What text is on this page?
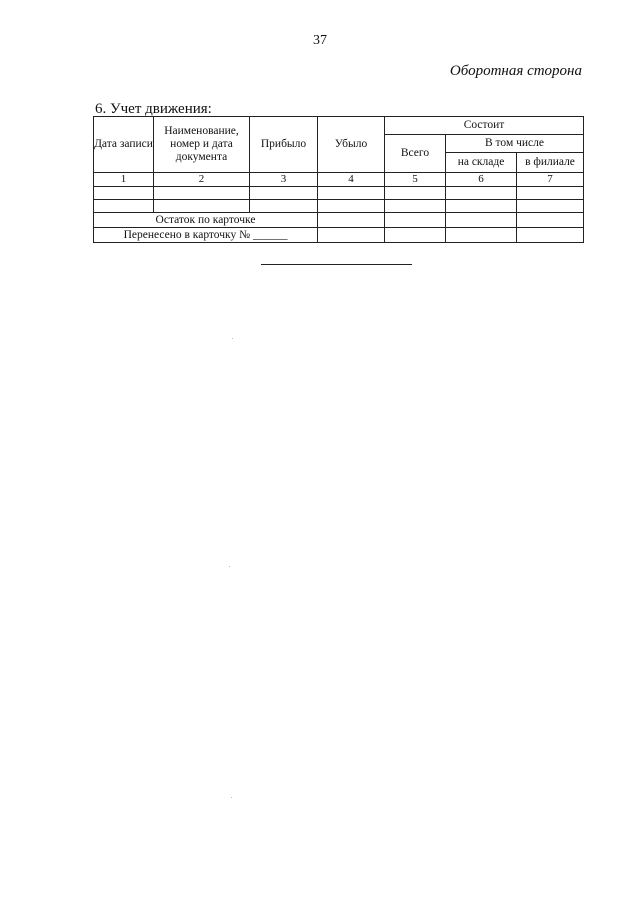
37
Оборотная сторона
6. Учет движения:
Дата записи	Наименование, номер и дата документа	Прибыло	Убыло	Состоит		
				Всего	В том числе	
					на складе	в филиале
1	2	3	4	5	6	7

Остаток по карточке						
Перенесено в карточку № ______						
